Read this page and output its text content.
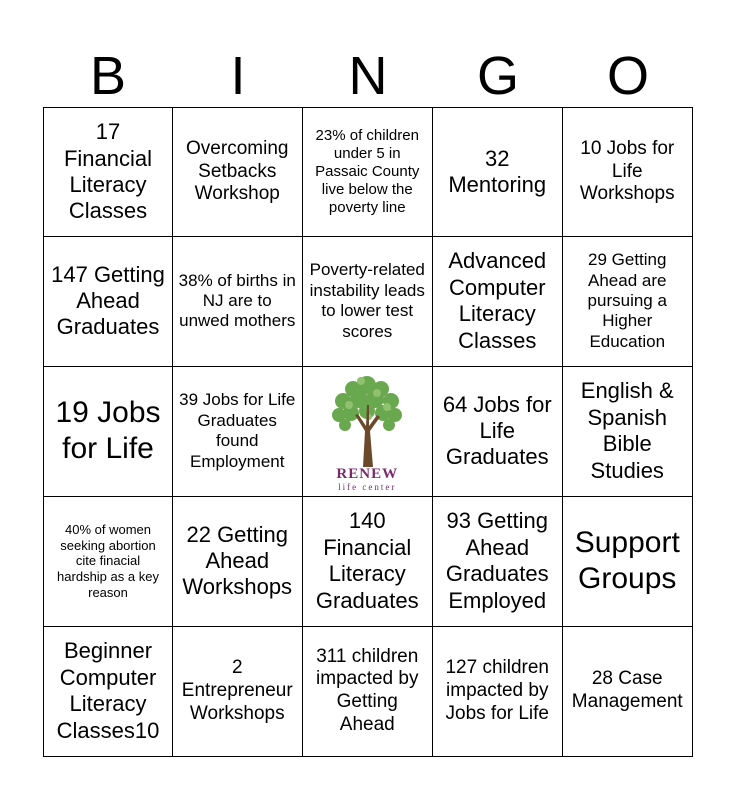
B	I	N	G	O
17 Financial Literacy Classes
Overcoming Setbacks Workshop
23% of children under 5 in Passaic County live below the poverty line
32 Mentoring
10 Jobs for Life Workshops
147 Getting Ahead Graduates
38% of births in NJ are to unwed mothers
Poverty-related instability leads to lower test scores
Advanced Computer Literacy Classes
29 Getting Ahead are pursuing a Higher Education
19 Jobs for Life
39 Jobs for Life Graduates found Employment
RENEW
life center
64 Jobs for Life Graduates
English & Spanish Bible Studies
40% of women seeking abortion cite finacial hardship as a key reason
22 Getting Ahead Workshops
140 Financial Literacy Graduates
93 Getting Ahead Graduates Employed
Support Groups
Beginner Computer Literacy Classes10
2 Entrepreneur Workshops
311 children impacted by Getting Ahead
127 children impacted by Jobs for Life
28 Case Management
